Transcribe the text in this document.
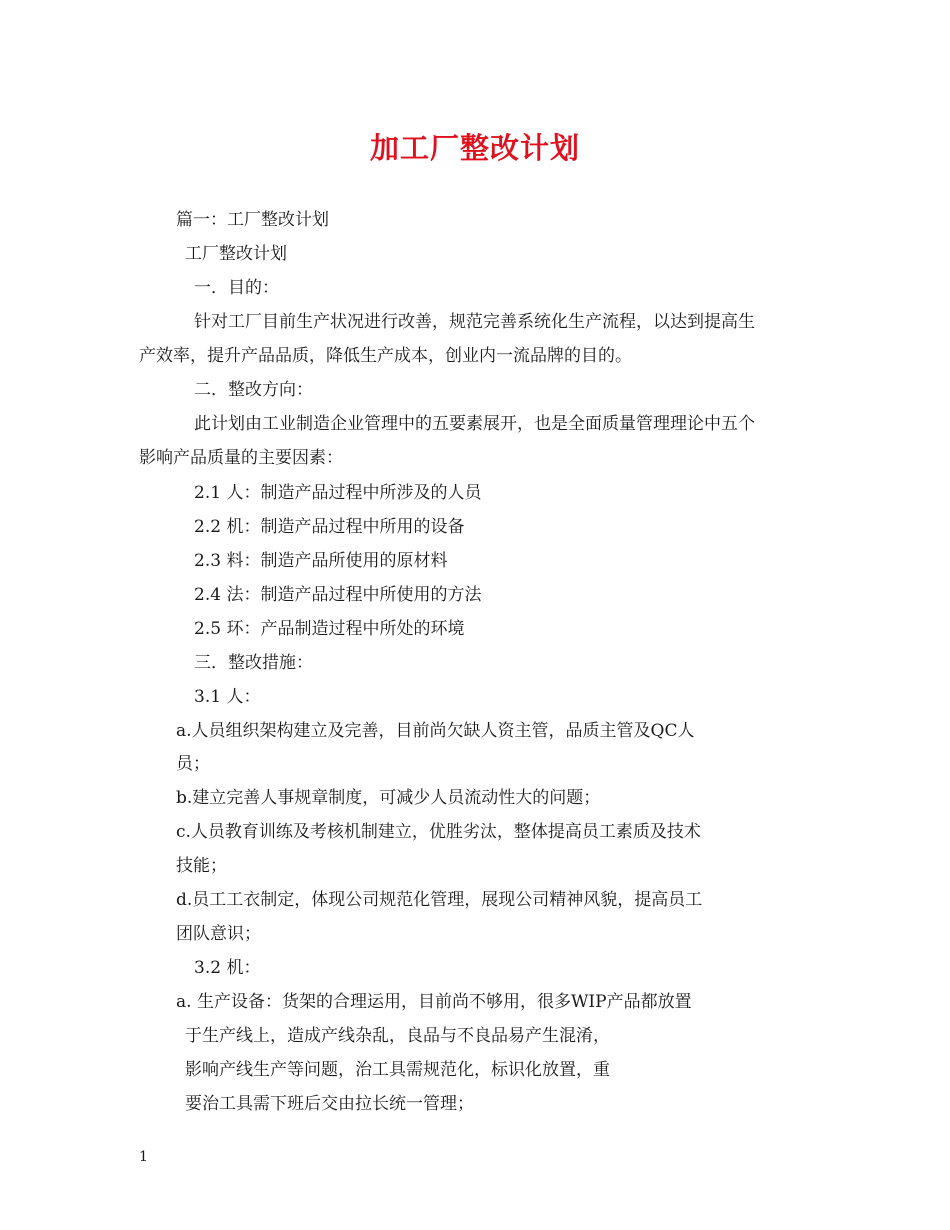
加工厂整改计划
篇一：工厂整改计划
工厂整改计划
一．目的：
针对工厂目前生产状况进行改善，规范完善系统化生产流程，以达到提高生
产效率，提升产品品质，降低生产成本，创业内一流品牌的目的。
二．整改方向：
此计划由工业制造企业管理中的五要素展开，也是全面质量管理理论中五个
影响产品质量的主要因素：
2.1 人：制造产品过程中所涉及的人员
2.2 机：制造产品过程中所用的设备
2.3 料：制造产品所使用的原材料
2.4 法：制造产品过程中所使用的方法
2.5 环：产品制造过程中所处的环境
三．整改措施：
3.1 人：
a.人员组织架构建立及完善，目前尚欠缺人资主管，品质主管及QC人
员；
b.建立完善人事规章制度，可减少人员流动性大的问题；
c.人员教育训练及考核机制建立，优胜劣汰，整体提高员工素质及技术
技能；
d.员工工衣制定，体现公司规范化管理，展现公司精神风貌，提高员工
团队意识；
3.2 机：
a. 生产设备：货架的合理运用，目前尚不够用，很多WIP产品都放置
于生产线上，造成产线杂乱，良品与不良品易产生混淆，
影响产线生产等问题，治工具需规范化，标识化放置，重
要治工具需下班后交由拉长统一管理；
1
